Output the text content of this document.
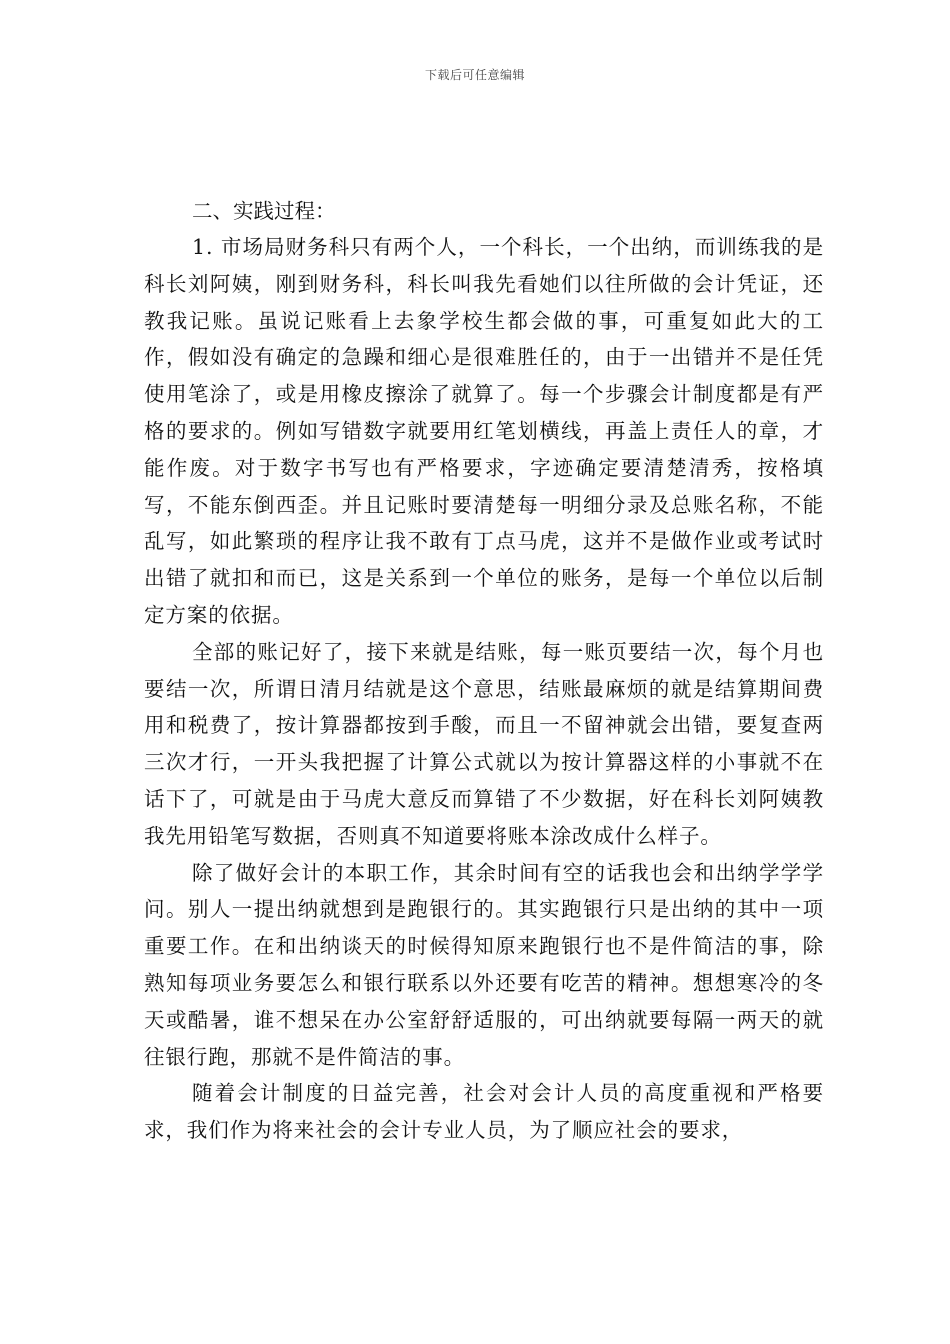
下载后可任意编辑
二、实践过程：

1. 市场局财务科只有两个人，一个科长，一个出纳，而训练我的是科长刘阿姨，刚到财务科，科长叫我先看她们以往所做的会计凭证，还教我记账。虽说记账看上去象学校生都会做的事，可重复如此大的工作，假如没有确定的急躁和细心是很难胜任的，由于一出错并不是任凭使用笔涂了，或是用橡皮擦涂了就算了。每一个步骤会计制度都是有严格的要求的。例如写错数字就要用红笔划横线，再盖上责任人的章，才能作废。对于数字书写也有严格要求，字迹确定要清楚清秀，按格填写，不能东倒西歪。并且记账时要清楚每一明细分录及总账名称，不能乱写，如此繁琐的程序让我不敢有丁点马虎，这并不是做作业或考试时出错了就扣和而已，这是关系到一个单位的账务，是每一个单位以后制定方案的依据。

全部的账记好了，接下来就是结账，每一账页要结一次，每个月也要结一次，所谓日清月结就是这个意思，结账最麻烦的就是结算期间费用和税费了，按计算器都按到手酸，而且一不留神就会出错，要复查两三次才行，一开头我把握了计算公式就以为按计算器这样的小事就不在话下了，可就是由于马虎大意反而算错了不少数据，好在科长刘阿姨教我先用铅笔写数据，否则真不知道要将账本涂改成什么样子。

除了做好会计的本职工作，其余时间有空的话我也会和出纳学学学问。别人一提出纳就想到是跑银行的。其实跑银行只是出纳的其中一项重要工作。在和出纳谈天的时候得知原来跑银行也不是件简洁的事，除熟知每项业务要怎么和银行联系以外还要有吃苦的精神。想想寒冷的冬天或酷暑，谁不想呆在办公室舒舒适服的，可出纳就要每隔一两天的就往银行跑，那就不是件简洁的事。

随着会计制度的日益完善，社会对会计人员的高度重视和严格要求，我们作为将来社会的会计专业人员，为了顺应社会的要求，
